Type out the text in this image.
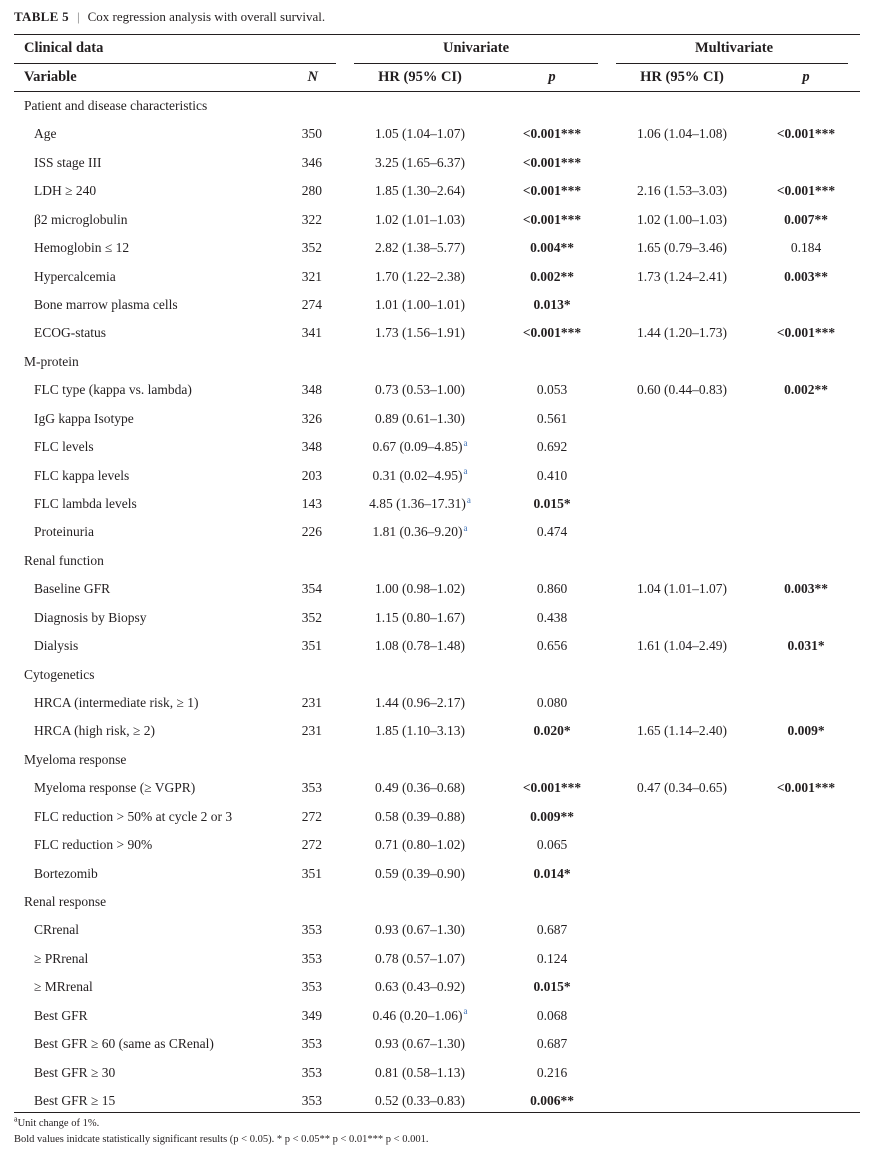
TABLE 5 | Cox regression analysis with overall survival.
Clinical data	Univariate	Multivariate
Variable	N	HR (95% CI)	p	HR (95% CI)	p
Patient and disease characteristics
Age	350	1.05 (1.04–1.07)	<0.001***	1.06 (1.04–1.08)	<0.001***
ISS stage III	346	3.25 (1.65–6.37)	<0.001***
LDH ≥ 240	280	1.85 (1.30–2.64)	<0.001***	2.16 (1.53–3.03)	<0.001***
β2 microglobulin	322	1.02 (1.01–1.03)	<0.001***	1.02 (1.00–1.03)	0.007**
Hemoglobin ≤ 12	352	2.82 (1.38–5.77)	0.004**	1.65 (0.79–3.46)	0.184
Hypercalcemia	321	1.70 (1.22–2.38)	0.002**	1.73 (1.24–2.41)	0.003**
Bone marrow plasma cells	274	1.01 (1.00–1.01)	0.013*
ECOG-status	341	1.73 (1.56–1.91)	<0.001***	1.44 (1.20–1.73)	<0.001***
M-protein
FLC type (kappa vs. lambda)	348	0.73 (0.53–1.00)	0.053	0.60 (0.44–0.83)	0.002**
IgG kappa Isotype	326	0.89 (0.61–1.30)	0.561
FLC levels	348	0.67 $(0.09-4.85)^a$	0.692
FLC kappa levels	203	0.31 $(0.02-4.95)^a$	0.410
FLC lambda levels	143	4.85 $(1.36-17.31)^a$	0.015*
Proteinuria	226	1.81 $(0.36-9.20)^a$	0.474
Renal function
Baseline GFR	354	1.00 (0.98–1.02)	0.860	1.04 (1.01–1.07)	0.003**
Diagnosis by Biopsy	352	1.15 (0.80–1.67)	0.438
Dialysis	351	1.08 (0.78–1.48)	0.656	1.61 (1.04–2.49)	0.031*
Cytogenetics
HRCA (intermediate risk, ≥ 1)	231	1.44 (0.96–2.17)	0.080
HRCA (high risk, ≥ 2)	231	1.85 (1.10–3.13)	0.020*	1.65 (1.14–2.40)	0.009*
Myeloma response
Myeloma response (≥ VGPR)	353	0.49 (0.36–0.68)	<0.001***	0.47 (0.34–0.65)	<0.001***
FLC reduction > 50% at cycle 2 or 3	272	0.58 (0.39–0.88)	0.009**
FLC reduction > 90%	272	0.71 (0.80–1.02)	0.065
Bortezomib	351	0.59 (0.39–0.90)	0.014*
Renal response
CRrenal	353	0.93 (0.67–1.30)	0.687
≥ PRrenal	353	0.78 (0.57–1.07)	0.124
≥ MRrenal	353	0.63 (0.43–0.92)	0.015*
Best GFR	349	0.46 $(0.20-1.06)^a$	0.068
Best GFR ≥ 60 (same as CRenal)	353	0.93 (0.67–1.30)	0.687
Best GFR ≥ 30	353	0.81 (0.58–1.13)	0.216
Best GFR ≥ 15	353	0.52 (0.33–0.83)	0.006**
$^a$Unit change of 1%.
Bold values inidcate statistically significant results (p < 0.05). * p < 0.05** p < 0.01*** p < 0.001.
